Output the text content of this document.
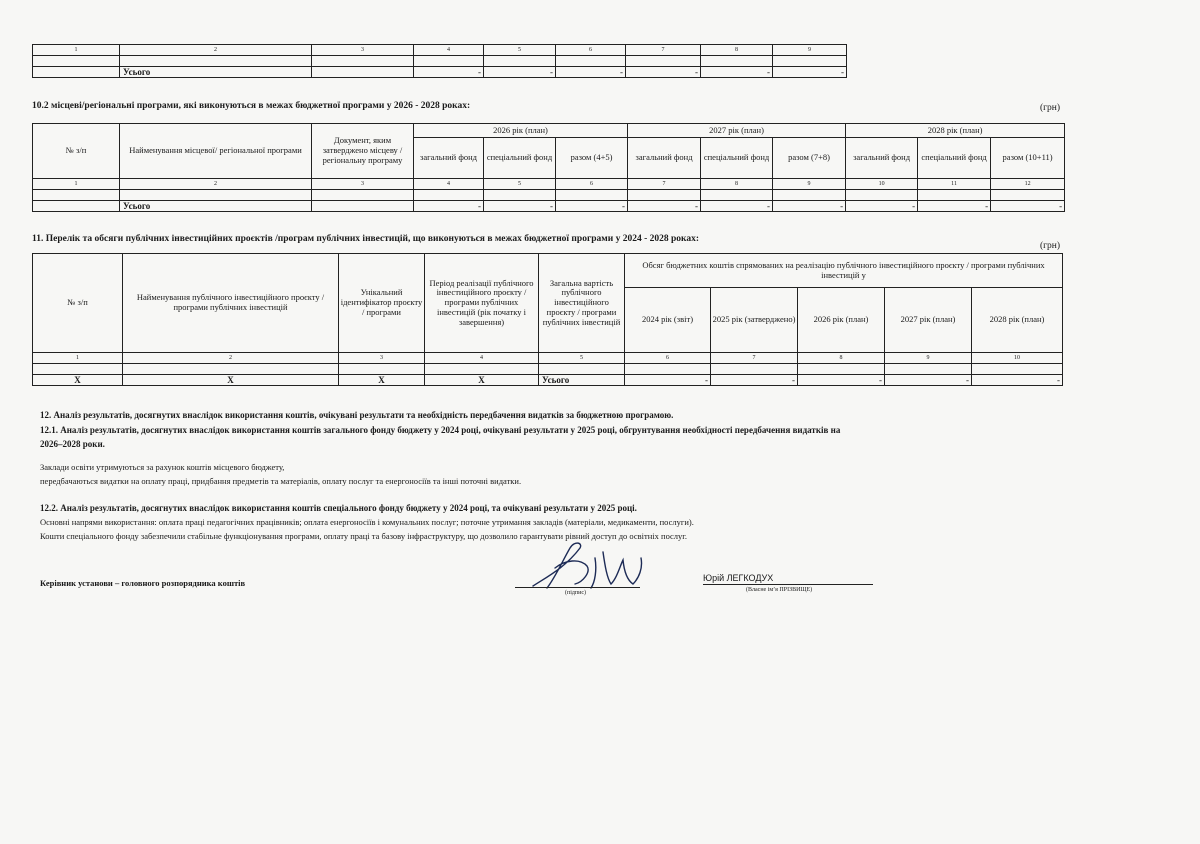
1	2	3	4	5	6	7	8	9

	Усього		-	-	-	-	-	-
10.2 місцеві/регіональні програми, які виконуються в межах бюджетної програми у 2026 - 2028 роках:	(грн)
№ з/п	Найменування місцевої/ регіональної програми	Документ, яким затверджено місцеву / регіональну програму	2026 рік (план)			2027 рік (план)			2028 рік (план)		
			загальний фонд	спеціальний фонд	разом (4+5)	загальний фонд	спеціальний фонд	разом (7+8)	загальний фонд	спеціальний фонд	разом (10+11)
1	2	3	4	5	6	7	8	9	10	11	12

	Усього		-	-	-	-	-	-	-	-	-
11. Перелік та обсяги публічних інвестиційних проєктів /програм публічних інвестицій, що виконуються в межах бюджетної програми у 2024 - 2028 роках:
(грн)
№ з/п	Найменування публічного інвестиційного проєкту / програми публічних інвестицій	Унікальний ідентифікатор проєкту / програми	Період реалізації публічного інвестиційного проєкту / програми публічних інвестицій (рік початку і завершення)	Загальна вартість публічного інвестиційного проєкту / програми публічних інвестицій	Обсяг бюджетних коштів спрямованих на реалізацію публічного інвестиційного проєкту / програми публічних інвестицій у				
					2024 рік (звіт)	2025 рік (затверджено)	2026 рік (план)	2027 рік (план)	2028 рік (план)
1	2	3	4	5	6	7	8	9	10

Х	Х	Х	Х	Усього	-	-	-	-	-
12. Аналіз результатів, досягнутих внаслідок використання коштів, очікувані результати та необхідність передбачення видатків за бюджетною програмою.
12.1. Аналіз результатів, досягнутих внаслідок використання коштів загального фонду бюджету у 2024 році, очікувані результати у 2025 році, обгрунтування необхідності передбачення видатків на
2026–2028 роки.
Заклади освіти утримуються за рахунок коштів місцевого бюджету,
передбачаються видатки на оплату праці, придбання предметів та матеріалів, оплату послуг та енергоносіїв та інші поточні видатки.
12.2. Аналіз результатів, досягнутих внаслідок використання коштів спеціального фонду бюджету у 2024 році, та очікувані результати у 2025 році.
Основні напрями використання: оплата праці педагогічних працівників; оплата енергоносіїв і комунальних послуг; поточне утримання закладів (матеріали, медикаменти, послуги).
Кошти спеціального фонду забезпечили стабільне функціонування програми, оплату праці та базову інфраструктуру, що дозволило гарантувати рівний доступ до освітніх послуг.
Керівник установи – головного розпорядника коштів
(підпис)
Юрій ЛЕГКОДУХ
(Власне ім’я ПРІЗВИЩЕ)
